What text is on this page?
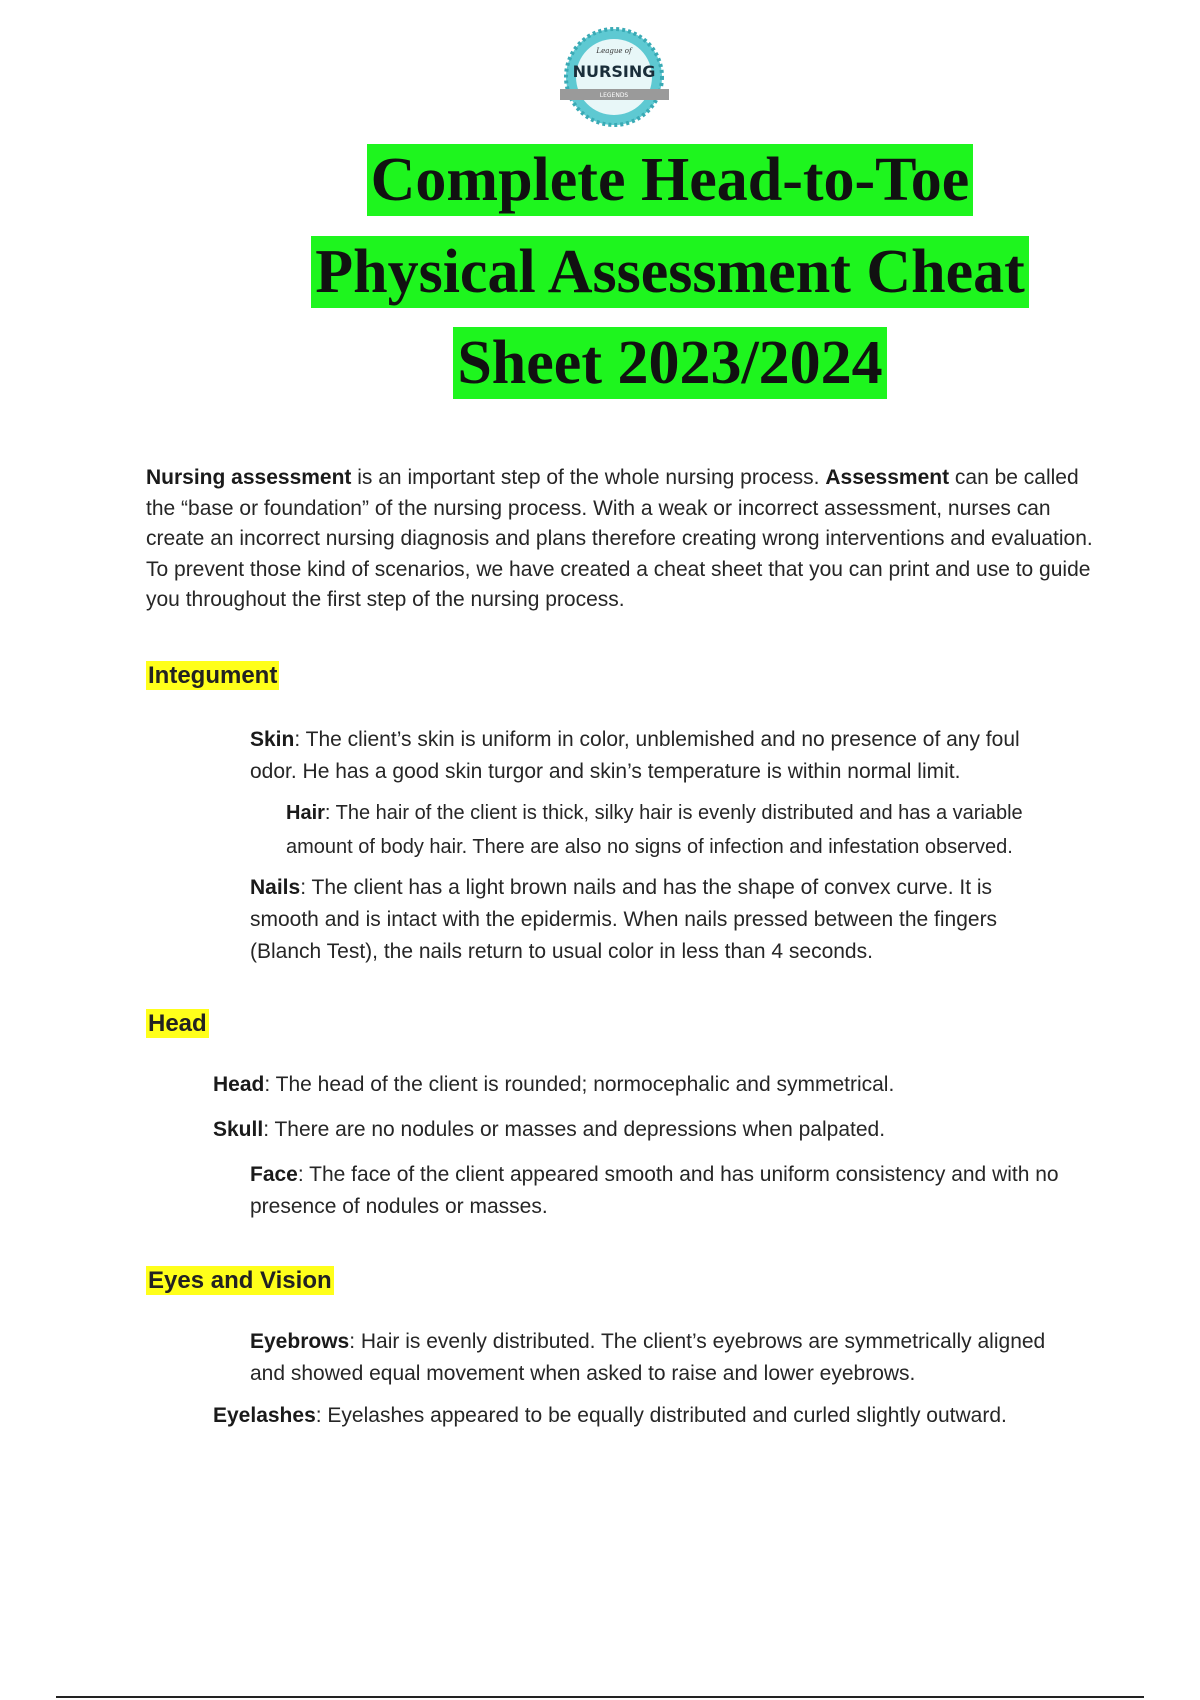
League of
NURSING
LEGENDS
Complete Head-to-Toe
Physical Assessment Cheat
Sheet 2023/2024
Nursing assessment is an important step of the whole nursing process. Assessment can be called the “base or foundation” of the nursing process. With a weak or incorrect assessment, nurses can create an incorrect nursing diagnosis and plans therefore creating wrong interventions and evaluation. To prevent those kind of scenarios, we have created a cheat sheet that you can print and use to guide you throughout the first step of the nursing process.
Integument
Skin: The client’s skin is uniform in color, unblemished and no presence of any foul odor. He has a good skin turgor and skin’s temperature is within normal limit.
Hair: The hair of the client is thick, silky hair is evenly distributed and has a variable amount of body hair. There are also no signs of infection and infestation observed.
Nails: The client has a light brown nails and has the shape of convex curve. It is smooth and is intact with the epidermis. When nails pressed between the fingers (Blanch Test), the nails return to usual color in less than 4 seconds.
Head
Head: The head of the client is rounded; normocephalic and symmetrical.
Skull: There are no nodules or masses and depressions when palpated.
Face: The face of the client appeared smooth and has uniform consistency and with no presence of nodules or masses.
Eyes and Vision
Eyebrows: Hair is evenly distributed. The client’s eyebrows are symmetrically aligned and showed equal movement when asked to raise and lower eyebrows.
Eyelashes: Eyelashes appeared to be equally distributed and curled slightly outward.
